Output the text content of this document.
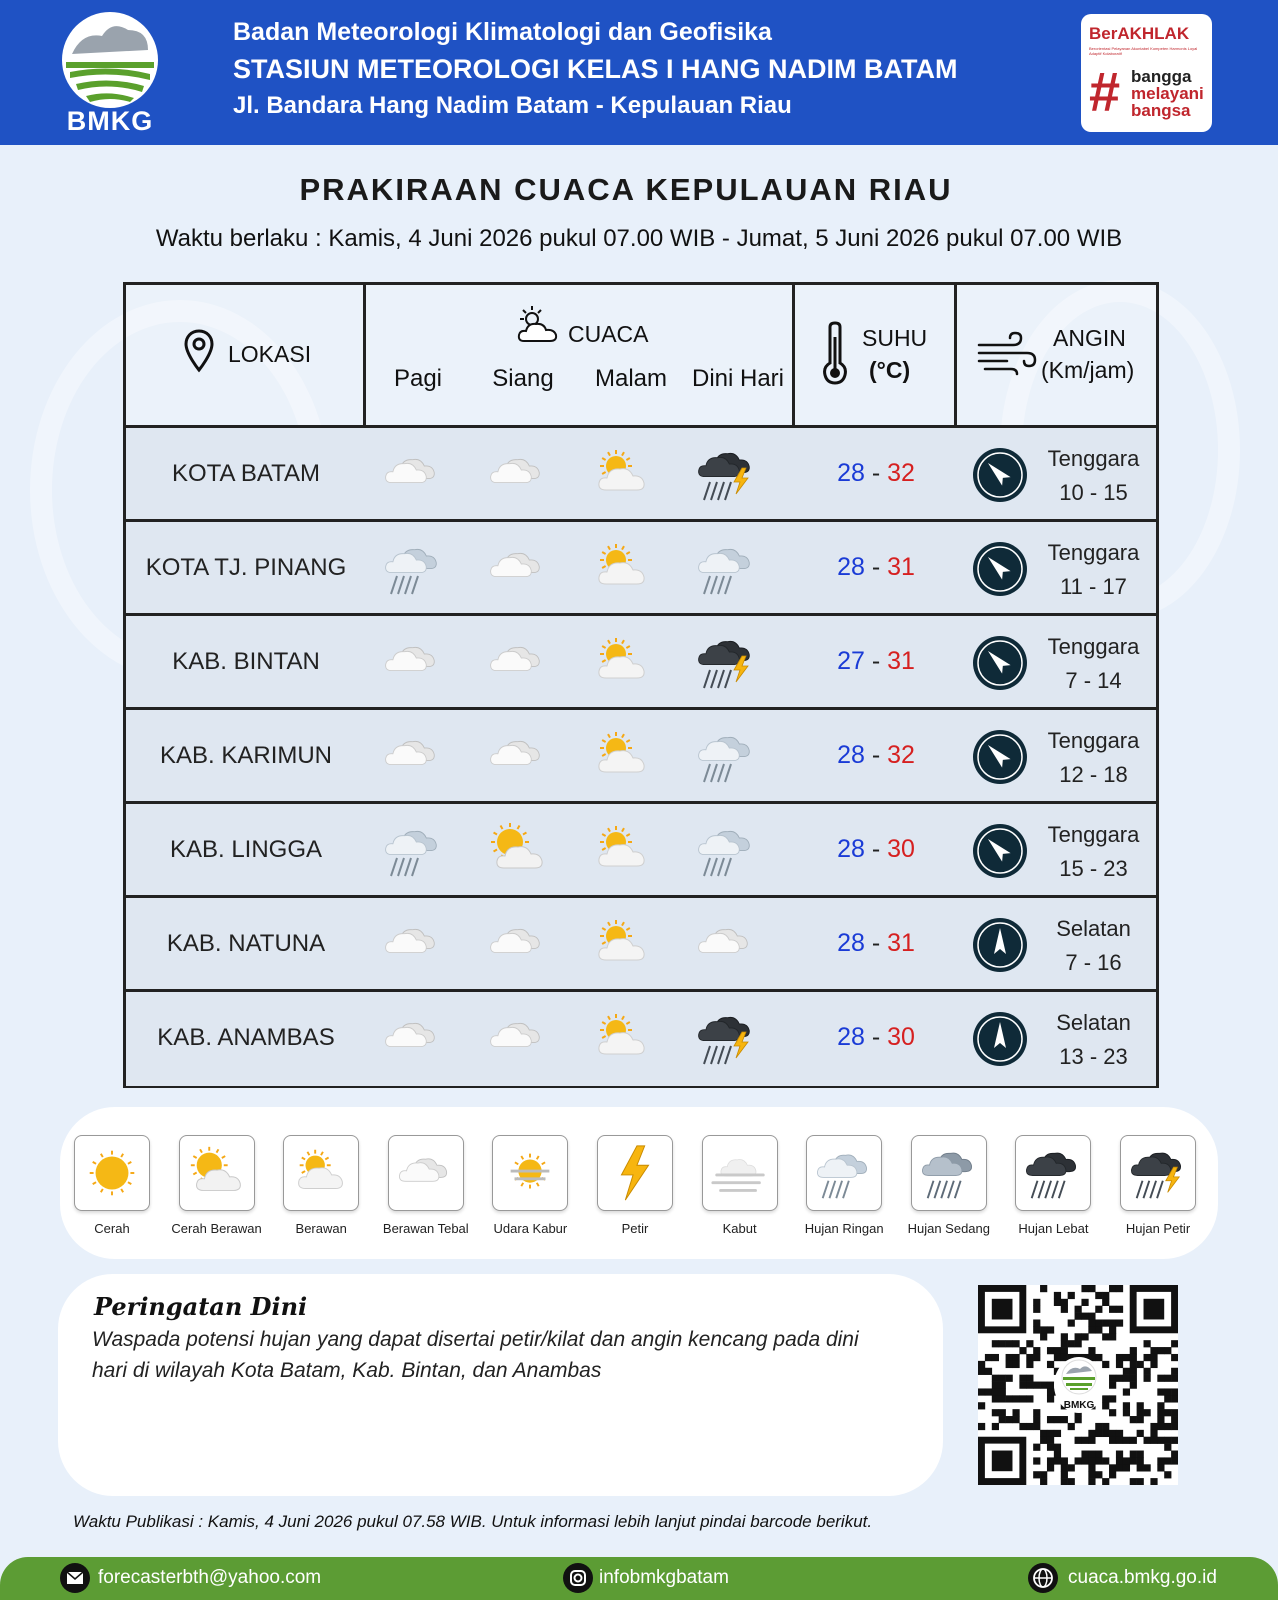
BMKG
Badan Meteorologi Klimatologi dan Geofisika
STASIUN METEOROLOGI KELAS I HANG NADIM BATAM
Jl. Bandara Hang Nadim Batam - Kepulauan Riau
BerAKHLAK
Berorientasi Pelayanan Akuntabel Kompeten Harmonis Loyal Adaptif Kolaboratif
# bangga
melayani
bangsa
PRAKIRAAN CUACA KEPULAUAN RIAU
Waktu berlaku : Kamis, 4 Juni 2026 pukul 07.00 WIB - Jumat, 5 Juni 2026 pukul 07.00 WIB
LOKASI
CUACA
Pagi	Siang	Malam	Dini Hari
SUHU
(°C)
ANGIN
(Km/jam)
KOTA BATAM	28 - 32
Tenggara
10 - 15
KOTA TJ. PINANG	28 - 31
Tenggara
11 - 17
KAB. BINTAN	27 - 31
Tenggara
7 - 14
KAB. KARIMUN	28 - 32
Tenggara
12 - 18
KAB. LINGGA	28 - 30
Tenggara
15 - 23
KAB. NATUNA	28 - 31
Selatan
7 - 16
KAB. ANAMBAS	28 - 30
Selatan
13 - 23
Cerah	Cerah Berawan	Berawan	Berawan Tebal	Udara Kabur	Petir	Kabut	Hujan Ringan	Hujan Sedang	Hujan Lebat	Hujan Petir
Peringatan Dini
Waspada potensi hujan yang dapat disertai petir/kilat dan angin kencang pada dini hari di wilayah Kota Batam, Kab. Bintan, dan Anambas
BMKG
Waktu Publikasi : Kamis, 4 Juni 2026 pukul 07.58 WIB. Untuk informasi lebih lanjut pindai barcode berikut.
forecasterbth@yahoo.com	infobmkgbatam	cuaca.bmkg.go.id
